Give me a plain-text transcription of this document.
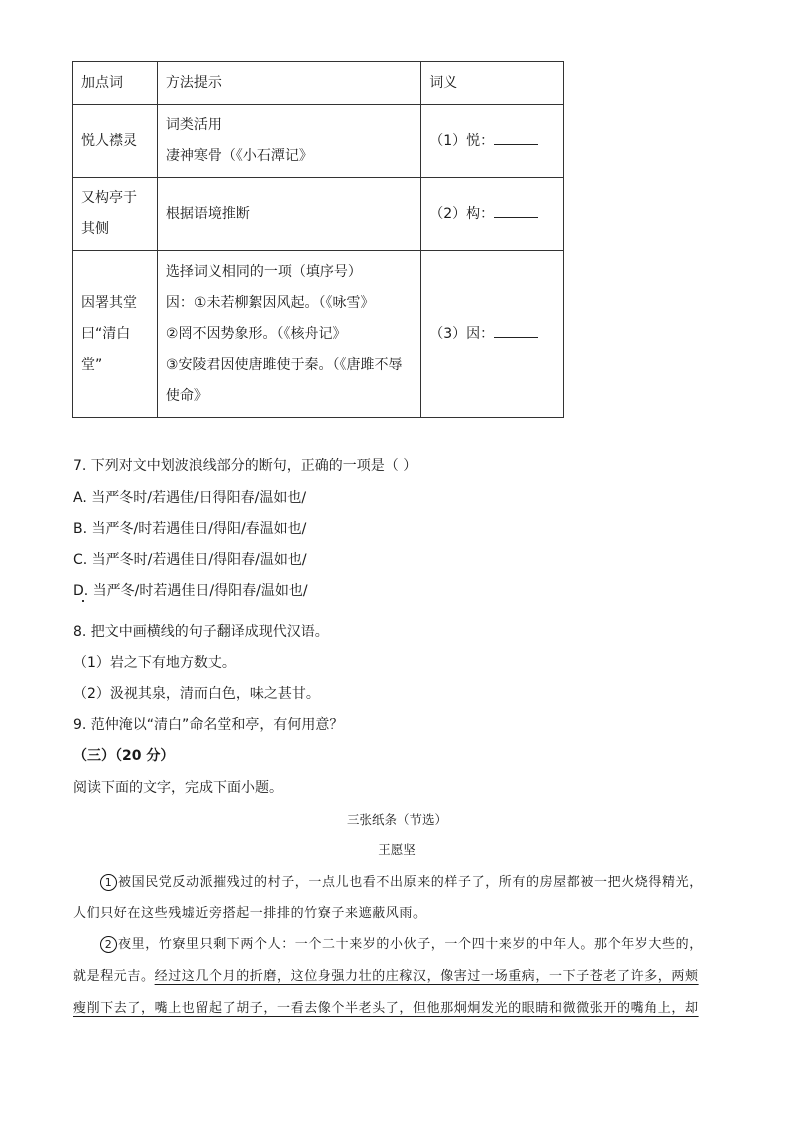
加点词	方法提示	词义

悦人襟灵	词类活用
凄神寒骨（《小石潭记》	（1）悦：

又构亭于
其侧	根据语境推断	（2）构：

因署其堂
曰“清白
堂”	选择词义相同的一项（填序号）
因：①未若柳絮因风起。（《咏雪》
②罔不因势象形。（《核舟记》
③安陵君因使唐雎使于秦。（《唐雎不辱
使命》	（3）因：
7. 下列对文中划波浪线部分的断句，正确的一项是（ ）
A. 当严冬时/若遇佳/日得阳春/温如也/
B. 当严冬/时若遇佳日/得阳/春温如也/
C. 当严冬时/若遇佳日/得阳春/温如也/
D. 当严冬/时若遇佳日/得阳春/温如也/
8. 把文中画横线的句子翻译成现代汉语。
（1）岩之下有地方数丈。
（2）汲视其泉，清而白色，味之甚甘。
9. 范仲淹以“清白”命名堂和亭，有何用意？
（三）（20 分）
阅读下面的文字，完成下面小题。
三张纸条（节选）
王愿坚
1 被国民党反动派摧残过的村子，一点儿也看不出原来的样子了，所有的房屋都被一把火烧得精光，
人们只好在这些残墟近旁搭起一排排的竹寮子来遮蔽风雨。
2 夜里，竹寮里只剩下两个人：一个二十来岁的小伙子，一个四十来岁的中年人。那个年岁大些的，
就是程元吉。经过这几个月的折磨，这位身强力壮的庄稼汉，像害过一场重病，一下子苍老了许多，两颊
瘦削下去了，嘴上也留起了胡子，一看去像个半老头了，但他那炯炯发光的眼睛和微微张开的嘴角上，却
